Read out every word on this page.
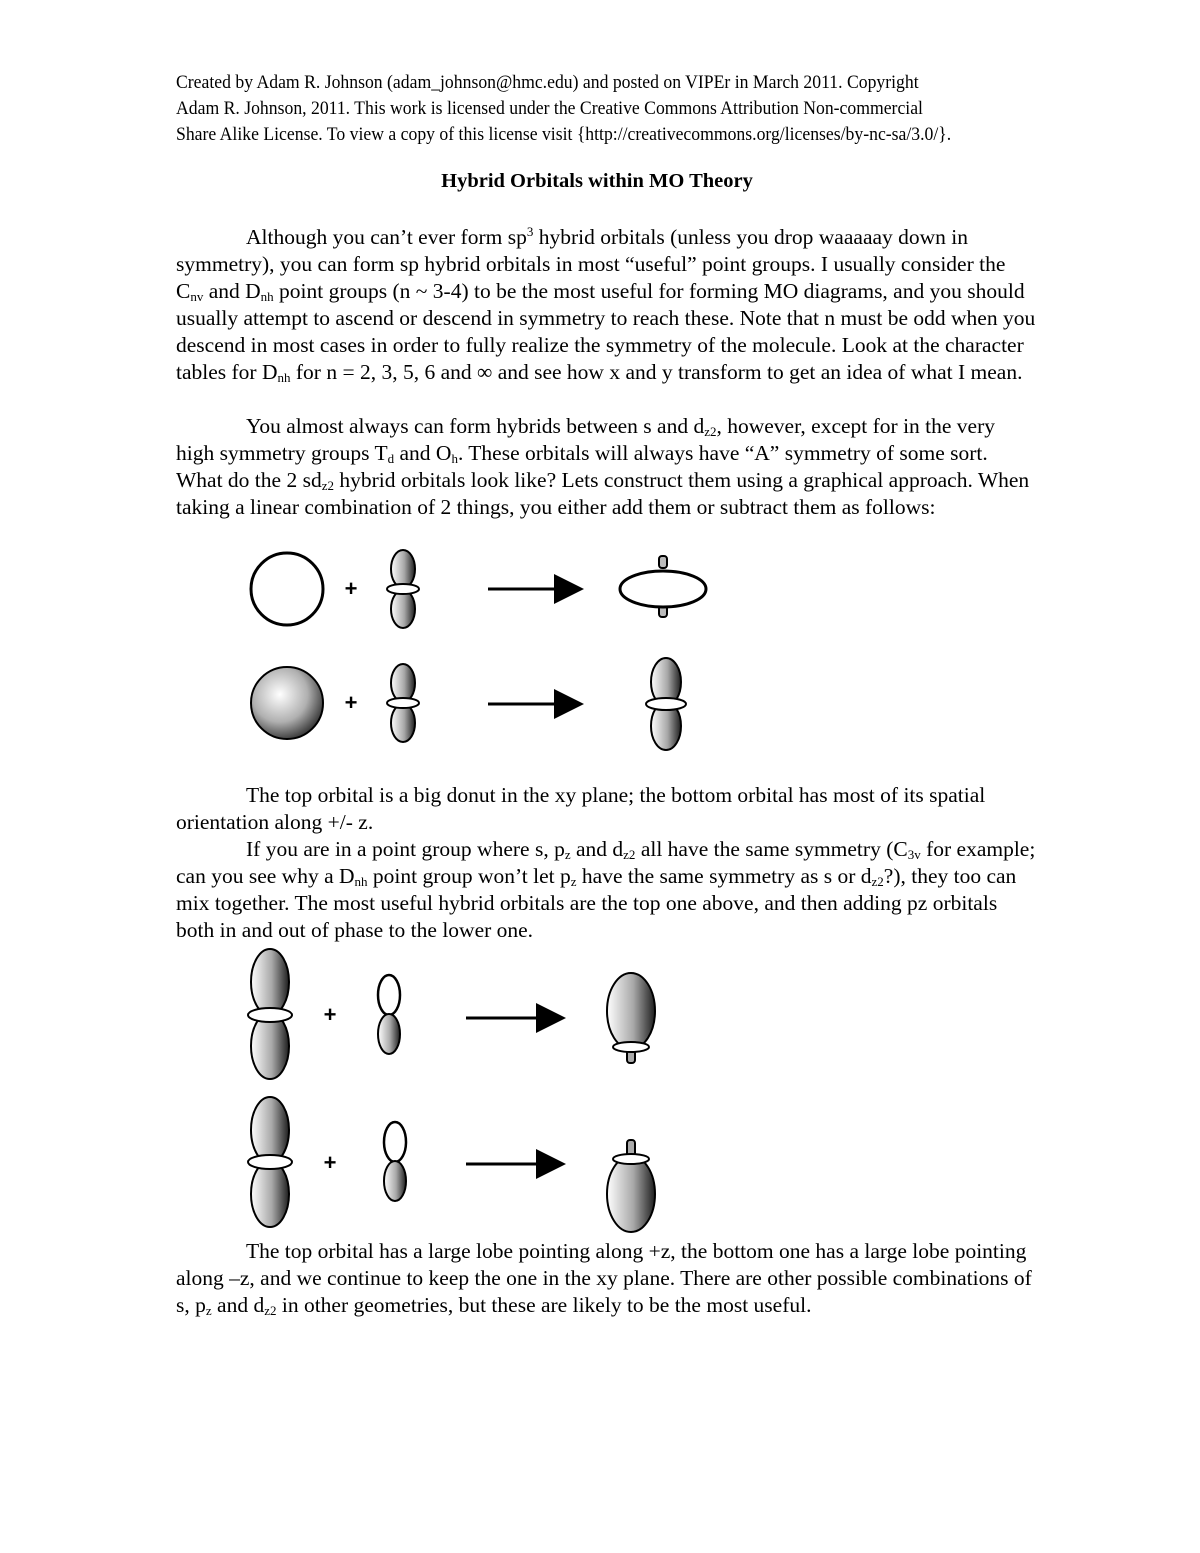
Created by Adam R. Johnson (adam_johnson@hmc.edu) and posted on VIPEr in March 2011. Copyright
Adam R. Johnson, 2011. This work is licensed under the Creative Commons Attribution Non-commercial
Share Alike License. To view a copy of this license visit {http://creativecommons.org/licenses/by-nc-sa/3.0/}.
Hybrid Orbitals within MO Theory
Although you can’t ever form $sp^3$ hybrid orbitals (unless you drop waaaaay down in symmetry), you can form sp hybrid orbitals in most “useful” point groups. I usually consider the $C_{nv}$ and $D_{nh}$ point groups (n ~ 3-4) to be the most useful for forming MO diagrams, and you should usually attempt to ascend or descend in symmetry to reach these. Note that n must be odd when you descend in most cases in order to fully realize the symmetry of the molecule. Look at the character tables for $D_{nh}$ for n = 2, 3, 5, 6 and ∞ and see how x and y transform to get an idea of what I mean.
You almost always can form hybrids between s and $d_{z2}$, however, except for in the very high symmetry groups $T_d$ and $O_h$. These orbitals will always have “A” symmetry of some sort. What do the 2 $sd_{z2}$ hybrid orbitals look like? Lets construct them using a graphical approach. When taking a linear combination of 2 things, you either add them or subtract them as follows:
+
+
The top orbital is a big donut in the xy plane; the bottom orbital has most of its spatial orientation along +/- z.
If you are in a point group where s, $p_z$ and $d_{z2}$ all have the same symmetry ($C_{3v}$ for example; can you see why a $D_{nh}$ point group won’t let $p_z$ have the same symmetry as s or $d_{z2}$?), they too can mix together. The most useful hybrid orbitals are the top one above, and then adding pz orbitals both in and out of phase to the lower one.
+
+
The top orbital has a large lobe pointing along +z, the bottom one has a large lobe pointing along –z, and we continue to keep the one in the xy plane. There are other possible combinations of s, $p_z$ and $d_{z2}$ in other geometries, but these are likely to be the most useful.
